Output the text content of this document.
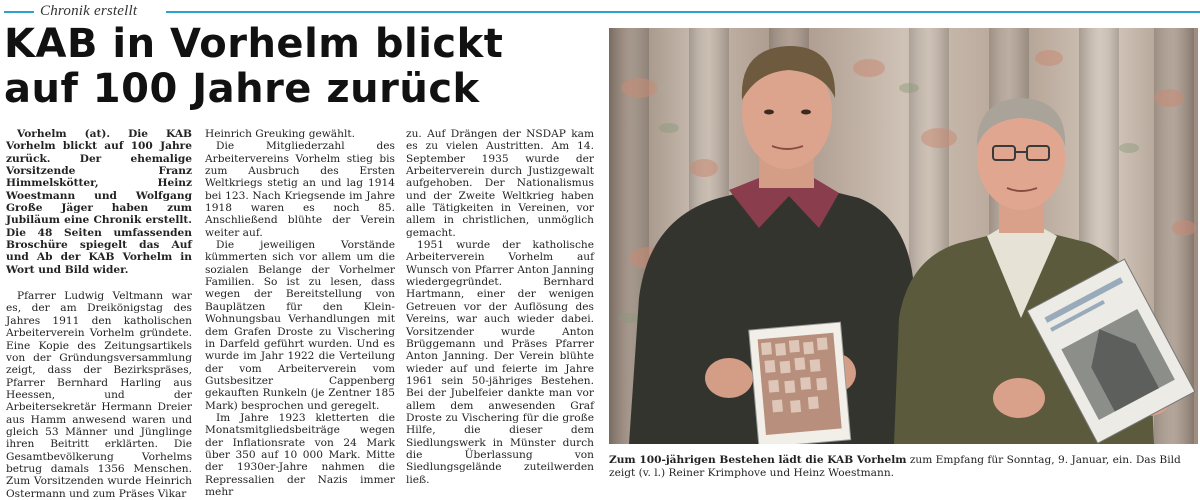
Chronik erstellt
KAB in Vorhelm blickt
auf 100 Jahre zurück

Vorhelm (at). Die KAB Vorhelm blickt auf 100 Jahre zurück. Der ehemalige Vorsitzende Franz Himmelskötter, Heinz Woestmann und Wolfgang Große Jäger haben zum Jubiläum eine Chronik erstellt. Die 48 Seiten umfassenden Broschüre spiegelt das Auf und Ab der KAB Vorhelm in Wort und Bild wider.

Pfarrer Ludwig Veltmann war es, der am Dreikönigstag des Jahres 1911 den katholischen Arbeiterverein Vorhelm gründete. Eine Kopie des Zeitungsartikels von der Gründungsversammlung zeigt, dass der Bezirkspräses, Pfarrer Bernhard Harling aus Heessen, und der Arbeitersekretär Hermann Dreier aus Hamm anwesend waren und gleich 53 Männer und Jünglinge ihren Beitritt erklärten. Die Gesamtbevölkerung Vorhelms betrug damals 1356 Menschen. Zum Vorsitzenden wurde Heinrich Ostermann und zum Präses Vikar

Heinrich Greuking gewählt.

Die Mitgliederzahl des Arbeitervereins Vorhelm stieg bis zum Ausbruch des Ersten Weltkriegs stetig an und lag 1914 bei 123. Nach Kriegsende im Jahre 1918 waren es noch 85. Anschließend blühte der Verein weiter auf.

Die jeweiligen Vorstände kümmerten sich vor allem um die sozialen Belange der Vorhelmer Familien. So ist zu lesen, dass wegen der Bereitstellung von Bauplätzen für den Klein-Wohnungsbau Verhandlungen mit dem Grafen Droste zu Vischering in Darfeld geführt wurden. Und es wurde im Jahr 1922 die Verteilung der vom Arbeiterverein vom Gutsbesitzer Cappenberg gekauften Runkeln (je Zentner 185 Mark) besprochen und geregelt.

Im Jahre 1923 kletterten die Monatsmitgliedsbeiträge wegen der Inflationsrate von 24 Mark über 350 auf 10 000 Mark. Mitte der 1930er-Jahre nahmen die Repressalien der Nazis immer mehr

zu. Auf Drängen der NSDAP kam es zu vielen Austritten. Am 14. September 1935 wurde der Arbeiterverein durch Justizgewalt aufgehoben. Der Nationalismus und der Zweite Weltkrieg haben alle Tätigkeiten in Vereinen, vor allem in christlichen, unmöglich gemacht.

1951 wurde der katholische Arbeiterverein Vorhelm auf Wunsch von Pfarrer Anton Janning wiedergegründet. Bernhard Hartmann, einer der wenigen Getreuen vor der Auflösung des Vereins, war auch wieder dabei. Vorsitzender wurde Anton Brüggemann und Präses Pfarrer Anton Janning. Der Verein blühte wieder auf und feierte im Jahre 1961 sein 50-jähriges Bestehen. Bei der Jubelfeier dankte man vor allem dem anwesenden Graf Droste zu Vischering für die große Hilfe, die dieser dem Siedlungswerk in Münster durch die Überlassung von Siedlungsgelände zuteilwerden ließ.

Zum 100-jährigen Bestehen lädt die KAB Vorhelm zum Empfang für Sonntag, 9. Januar, ein. Das Bild zeigt (v. l.) Reiner Krimphove und Heinz Woestmann.
